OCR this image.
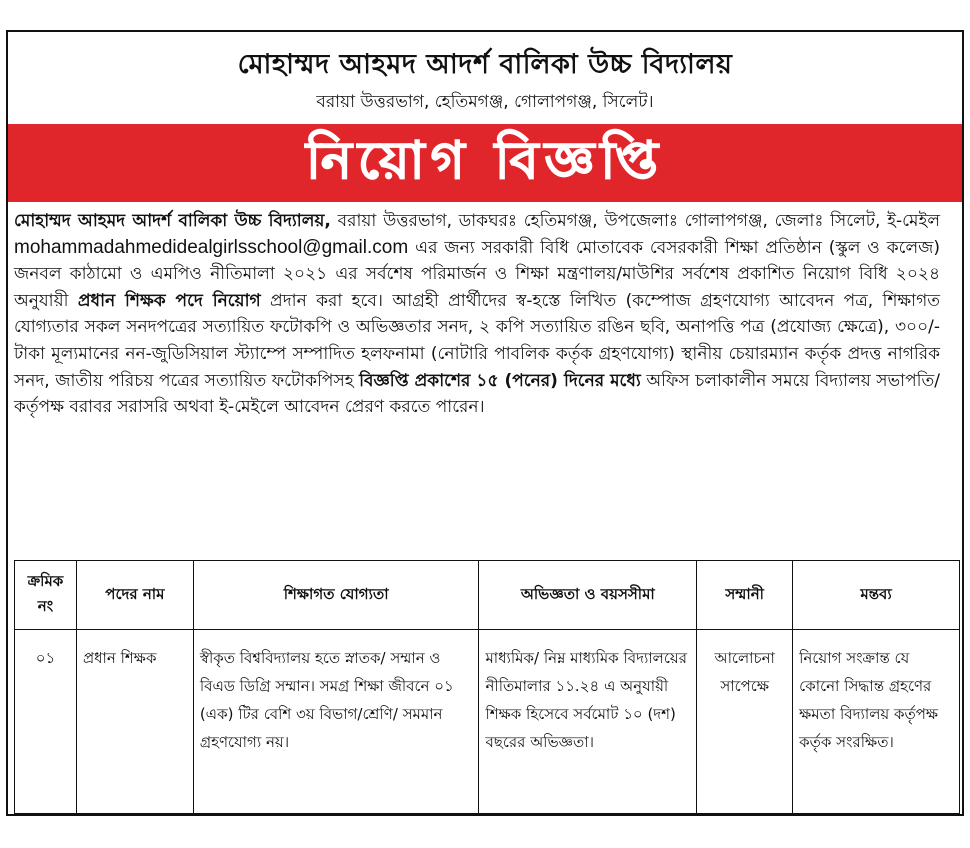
মোহাম্মদ আহমদ আদর্শ বালিকা উচ্চ বিদ্যালয়
বরায়া উত্তরভাগ, হেতিমগঞ্জ, গোলাপগঞ্জ, সিলেট।
নিয়োগ বিজ্ঞপ্তি
মোহাম্মদ আহমদ আদর্শ বালিকা উচ্চ বিদ্যালয়, বরায়া উত্তরভাগ, ডাকঘরঃ হেতিমগঞ্জ, উপজেলাঃ গোলাপগঞ্জ, জেলাঃ সিলেট, ই-মেইল mohammadahmedidealgirlsschool@gmail.com এর জন্য সরকারী বিধি মোতাবেক বেসরকারী শিক্ষা প্রতিষ্ঠান (স্কুল ও কলেজ) জনবল কাঠামো ও এমপিও নীতিমালা ২০২১ এর সর্বশেষ পরিমার্জন ও শিক্ষা মন্ত্রণালয়/মাউশির সর্বশেষ প্রকাশিত নিয়োগ বিধি ২০২৪ অনুযায়ী প্রধান শিক্ষক পদে নিয়োগ প্রদান করা হবে। আগ্রহী প্রার্থীদের স্ব-হস্তে লিখিত (কম্পোজ গ্রহণযোগ্য আবেদন পত্র, শিক্ষাগত যোগ্যতার সকল সনদপত্রের সত্যায়িত ফটোকপি ও অভিজ্ঞতার সনদ, ২ কপি সত্যায়িত রঙিন ছবি, অনাপত্তি পত্র (প্রযোজ্য ক্ষেত্রে), ৩০০/- টাকা মূল্যমানের নন-জুডিসিয়াল স্ট্যাম্পে সম্পাদিত হলফনামা (নোটারি পাবলিক কর্তৃক গ্রহণযোগ্য) স্থানীয় চেয়ারম্যান কর্তৃক প্রদত্ত নাগরিক সনদ, জাতীয় পরিচয় পত্রের সত্যায়িত ফটোকপিসহ বিজ্ঞপ্তি প্রকাশের ১৫ (পনের) দিনের মধ্যে অফিস চলাকালীন সময়ে বিদ্যালয় সভাপতি/কর্তৃপক্ষ বরাবর সরাসরি অথবা ই-মেইলে আবেদন প্রেরণ করতে পারেন।
ক্রমিক নং	পদের নাম	শিক্ষাগত যোগ্যতা	অভিজ্ঞতা ও বয়সসীমা	সম্মানী	মন্তব্য
০১	প্রধান শিক্ষক	স্বীকৃত বিশ্ববিদ্যালয় হতে স্নাতক/ সম্মান ও বিএড ডিগ্রি সম্মান। সমগ্র শিক্ষা জীবনে ০১ (এক) টির বেশি ৩য় বিভাগ/শ্রেণি/ সমমান গ্রহণযোগ্য নয়।	মাধ্যমিক/ নিম্ন মাধ্যমিক বিদ্যালয়ের নীতিমালার ১১.২৪ এ অনুযায়ী শিক্ষক হিসেবে সর্বমোট ১০ (দশ) বছরের অভিজ্ঞতা।	আলোচনা সাপেক্ষে	নিয়োগ সংক্রান্ত যে কোনো সিদ্ধান্ত গ্রহণের ক্ষমতা বিদ্যালয় কর্তৃপক্ষ কর্তৃক সংরক্ষিত।
